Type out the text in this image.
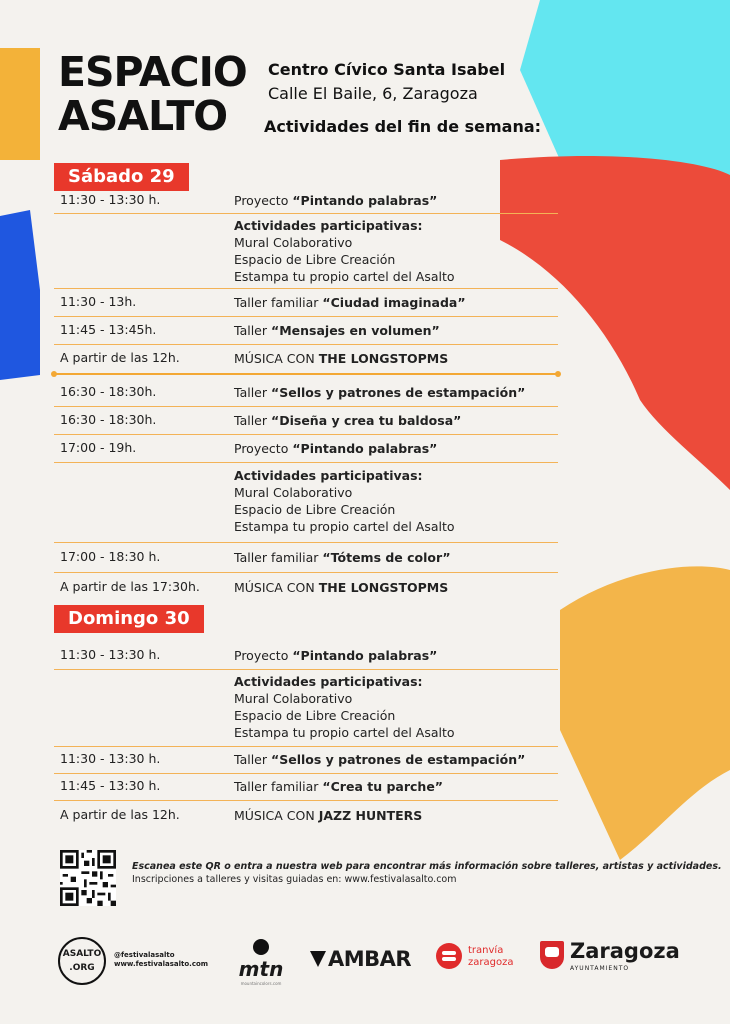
ESPACIO
ASALTO
Centro Cívico Santa Isabel
Calle El Baile, 6, Zaragoza
Actividades del fin de semana:
Sábado 29
11:30 - 13:30 h.	Proyecto “Pintando palabras”
Actividades participativas:
Mural Colaborativo
Espacio de Libre Creación
Estampa tu propio cartel del Asalto
11:30 - 13h.	Taller familiar “Ciudad imaginada”
11:45 - 13:45h.	Taller “Mensajes en volumen”
A partir de las 12h.	MÚSICA CON THE LONGSTOPMS
16:30 - 18:30h.	Taller “Sellos y patrones de estampación”
16:30 - 18:30h.	Taller “Diseña y crea tu baldosa”
17:00 - 19h.	Proyecto “Pintando palabras”
Actividades participativas:
Mural Colaborativo
Espacio de Libre Creación
Estampa tu propio cartel del Asalto
17:00 - 18:30 h.	Taller familiar “Tótems de color”
A partir de las 17:30h.	MÚSICA CON THE LONGSTOPMS
Domingo 30
11:30 - 13:30 h.	Proyecto “Pintando palabras”
Actividades participativas:
Mural Colaborativo
Espacio de Libre Creación
Estampa tu propio cartel del Asalto
11:30 - 13:30 h.	Taller “Sellos y patrones de estampación”
11:45 - 13:30 h.	Taller familiar “Crea tu parche”
A partir de las 12h.	MÚSICA CON JAZZ HUNTERS
Escanea este QR o entra a nuestra web para encontrar más información sobre talleres, artistas y actividades.
Inscripciones a talleres y visitas guiadas en: www.festivalasalto.com
ASALTO .ORG
@festivalasalto
www.festivalasalto.com mtn
mountaincolors.com
AMBAR	tranvía
zaragoza	Zaragoza
AYUNTAMIENTO
